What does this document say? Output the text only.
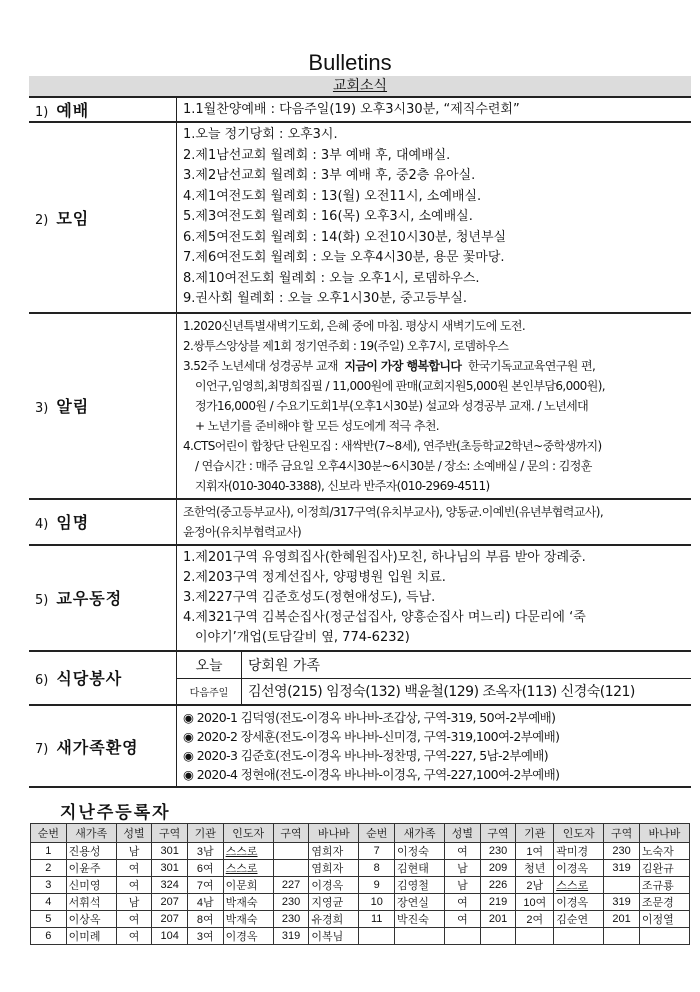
Bulletins
교회소식
1) 예배	1.1월찬양예배 : 다음주일(19) 오후3시30분, “제직수련회”

2) 모임	
1.오늘 정기당회 : 오후3시.
2.제1남선교회 월례회 : 3부 예배 후, 대예배실.
3.제2남선교회 월례회 : 3부 예배 후, 중2층 유아실.
4.제1여전도회 월례회 : 13(월) 오전11시, 소예배실.
5.제3여전도회 월례회 : 16(목) 오후3시, 소예배실.
6.제5여전도회 월례회 : 14(화) 오전10시30분, 청년부실
7.제6여전도회 월례회 : 오늘 오후4시30분, 용문 꽃마당.
8.제10여전도회 월례회 : 오늘 오후1시, 로뎀하우스.
9.권사회 월례회 : 오늘 오후1시30분, 중고등부실.

3) 알림	
1.2020신년특별새벽기도회, 은혜 중에 마침. 평상시 새벽기도에 도전.
2.쌍투스앙상블 제1회 정기연주회 : 19(주일) 오후7시, 로뎀하우스
3.52주 노년세대 성경공부 교재 지금이 가장 행복합니다 한국기독교교육연구원 편,
이언구,임영희,최명희집필 / 11,000원에 판매(교회지원5,000원 본인부담6,000원),
정가16,000원 / 수요기도회1부(오후1시30분) 설교와 성경공부 교재. / 노년세대
+ 노년기를 준비해야 할 모든 성도에게 적극 추천.
4.CTS어린이 합창단 단원모집 : 새싹반(7~8세), 연주반(초등학교2학년~중학생까지)
/ 연습시간 : 매주 금요일 오후4시30분~6시30분 / 장소: 소예배실 / 문의 : 김정훈
지휘자(010-3040-3388), 신보라 반주자(010-2969-4511)

4) 임명	
조한억(중고등부교사), 이정희/317구역(유치부교사), 양동균.이예빈(유년부협력교사),
윤정아(유치부협력교사)

5) 교우동정	
1.제201구역 유영희집사(한혜원집사)모친, 하나님의 부름 받아 장례중.
2.제203구역 정계선집사, 양평병원 입원 치료.
3.제227구역 김준호성도(정현애성도), 득남.
4.제321구역 김복순집사(정군섭집사, 양흥순집사 며느리) 다문리에 ‘죽
이야기’개업(토담갈비 옆, 774-6232)

6) 식당봉사	
오늘	당회원 가족
다음주일	김선영(215) 임정숙(132) 백윤철(129) 조옥자(113) 신경숙(121)

7) 새가족환영	
◉ 2020-1 김덕영(전도-이경옥 바나바-조갑상, 구역-319, 50여-2부예배)
◉ 2020-2 장세훈(전도-이경옥 바나바-신미경, 구역-319,100여-2부예배)
◉ 2020-3 김준호(전도-이경옥 바나바-정찬명, 구역-227, 5남-2부예배)
◉ 2020-4 정현애(전도-이경옥 바나바-이경옥, 구역-227,100여-2부예배)
지난주등록자
순번	새가족	성별	구역	기관	인도자	구역	바나바	순번	새가족	성별	구역	기관	인도자	구역	바나바
1	진용성	남	301	3남	스스로		염희자	7	이정숙	여	230	1여	곽미경	230	노숙자
2	이윤주	여	301	6여	스스로		염희자	8	김현태	남	209	청년	이경옥	319	김완규
3	신미영	여	324	7여	이문희	227	이경옥	9	김영철	남	226	2남	스스로		조규룡
4	서휘석	남	207	4남	박재숙	230	지영균	10	장연실	여	219	10여	이경옥	319	조문경
5	이상옥	여	207	8여	박재숙	230	유경희	11	박진숙	여	201	2여	김순연	201	이정열
6	이미례	여	104	3여	이경옥	319	이복님								
